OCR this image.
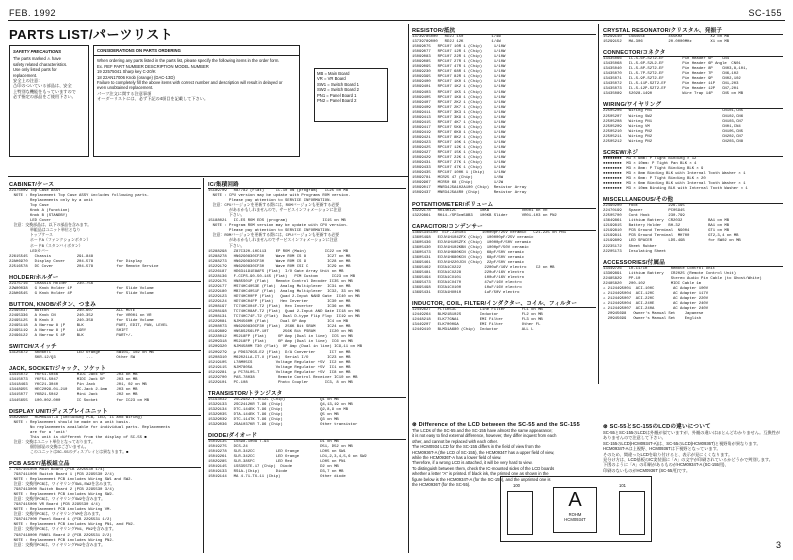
FEB. 1992	SC-155
3
PARTS LIST/パーツリスト
SAFETY PRECAUTIONS
The parts marked ⚠ have
safety related characteristics.
Use only listed parts for
replacement.
安全上の注意：
⚠印のついている部品は、安全
上特別な機能をもっていますので
必ず指定の部品をご使用下さい。
CONSIDERATIONS ON PARTS ORDERING
When ordering any parts listed in the parts list, please specify the following items in the order form.
Ex. REF PART NUMBER DESCRIPTION MODEL NUMBER
19 22575041 Sharp key C-20/K
18 22AN17006 Knob (orange) (DAC-13D)
Failure to completely fill the above items with correct number and description will result in delayed or
even unobtained replacement.
パーツ注文に関する注意事項
オーダーリストには、必ず下記の4項目を記載して下さい。
MB = Main Board
VR = VR Board
SW1 = Switch Board 1
SW2 = Switch Board 2
PN1 = Panel Board 1
PN2 = Panel Board 2
CABINET/ケース
22375009 Top Case ASSY
NOTE : Replacement Top Case ASSY includes following parts.
Replacements only by a unit
Top Case
Knob A (Function)
Knob B (STANDBY)
LED Cover
注意：交換部品は、以下の部品を含みます。
単組品はユニット単位となり
トップケース
ホードA（ファンクションボタン）
ホードB（スタンバイボタン）
LEDカバー
22615545   Chassis           291-848
22AH6970   Display Cover     204-578          for Display
22516578   DC Cover          204-578          for Remote Service
HOLDER/ホルダー
22375716   CHASSIS Holder    230-756
22W00038   G Knob Holder 1P                   for Slide Volume
22AH6545   G Knob Holder 4P                   for Slide Volume
BUTTON, KNOB/ボタン、つまみ
22495037   Button            240-607          ALL MUTE
22495336   A Knob CN         240-352          for VR001 on VR
22495125   B Knob X          240-358          for Slide Volume
22495118   A Narrow 8 (P     BLK              PART, EDIT, PAN, LEVEL
22495119   A Narrow 8 (P     LGRY             SHIFT
22496122   A Narrow 5 4P     BLK              PART+/-
SWITCH/スイッチ
13125672   SKR6RTC           LED Orange       SW101, 102 on MB
SKR-12/Q3             ...          Other SW
JACK, SOCKET/ジャック、ソケット
13415072   YKF51-5046        MIDI Jack 5P     J03 on MB
13415073   YKF51-5047        MIDI Jack 5P     J03 on MB
13418463   YKC21-3040        Pin Jack         J01, 02 on MB
13448955   HEC2099-01-210    DC-Jack 2.1mm    J03 on MB
13415077   YKB21-5042        Mini Jack        J02 on MB
13445655   100-002-000       IC Socket        for IC23 on MB
DISPLAY UNIT/ディスプレイユニット
15029650   HCM0934T-A (including PCB, LED, IC and Wiring)
NOTE : Replacement should be made on a unit basis.
No replacements available for individual parts. Replacements
are for a 'unit'
This unit is different from the display of SC-55 ■
注意：交換はユニット単位となっております。
個別部品の交換はございません。
このユニットはSC-55のディスプレイとは異なります。■
PCB ASSY/基板組立品
⚠ 7987401000 Main Board (PCB 2295530 1/4)
7987411000 Switch Board 1 (PCB 2295530 2/4)
NOTE : Replacement PCB includes Wiring SW1 and SW2.
注意：交換用PCBは、ワイヤリングSW1,SW2を含みます。
7987413000 Switch Board 2 (PCB 2295530 3/4)
NOTE : Replacement PCB includes Wiring SW2.
注意：交換用PCBは、ワイヤリングSW2を含みます。
7987415000 VR Board (PCB 2295530 4/4)
NOTE : Replacement PCB includes Wiring VM.
注意：交換用PCBは、ワイヤリングVMを含みます。
7987417000 Panel Board 1 (PCB 2295531 1/2)
NOTE : Replacement PCB includes Wiring PN1, and PN2.
注意：交換用PCBは、ワイヤリングPN1、PN2を含みます。
7987418000 PANEL Board 2 (PCB 2295531 2/2)
NOTE : Replacement PCB includes Wiring PN2.
注意：交換用PCBは、ワイヤリングPN2を含みます。
IC/集積回路
15189709   R8/782 (Flat)     IC-10 ON (program)   IC25 on MB
NOTE : CPU version may be update with Programs ROM version.
Please pay attention to SERVICE INFORMATION.
注意：CPUバージョンを更新する際には、ROMバージョンも更新する必要
があるかもしれませんので、サービスインフォメーションに注意
下さい。
15188021   IC-ES ROM EDS (program)               IC15 on MB
NOTE : Program ROM version may be update with CPU version.
Please pay attention to SERVICE INFORMATION.
注意：ROMバージョンを更新する際には、CPUバージョンも更新する必要
があるかもしれませんのでサービスインフォメーションに注意
下さい。
15288298   Z87C320-10C113    EP ROM (Main)        IC22 on MB
15288278   HN62G0830CF30     Wave ROM CS 8         IC27 on MB
15288273   HN62G0830CF30     Wave ROM CS 9         IC28 on MB
15229179   HN62G0830CF30     Wave ROM CSI C        IC29 on MB
15226187   HD631191E8AFS (Flat)  I/O Gate Array Unit on MB
15228136   F-CCPS-90-50-145 (Flat)   PCM Custom      IC23 on MB
15229175   HN85S01P (Flat)   Remote Control Decoder IC35 on MB
15229177   MS74HC4053E (Flat)  Analog Multiplexer  IC31 on MB
15229180   MB74HC4051F (Flat)  Analog Multiplexer  IC32, 33 on MB
15229123   HD74HC00FP (Flat)   Quad 2-Input NAND Gate  IC40 on MB
15229124   HD74HC04FP (Flat)   Hex Inverter        IC30 on MB
15208197   TC74HCU04F-T2 (Flat)  Hex Inverter      IC36 on MB
15208198   TC74HC08AF-T2 (Flat)  Quad 2-Input AND Gate IC18 on MB
15208131   TC74HC74F-T2 (Flat)  Dual D-type Flip Flop  IC19 on MB
15229081   NJM4560M (Flat)     Dual OP Amp         IC4 on MB
15208073   HN62G0830CF30 (Flat)  256K Bit SRAM     IC24 on MB
15199889   HN58S256LFP-10T      256K Bit PSRAM      IC20 on MB
15228012   M5218FP (Flat)     OP Amp (Dual in line)  IC5 on MB
15209318   M5218FP (Flat)     OP Amp (Dual in line)  IC6 on MB
15209320   NJM4580M T30 (Flat)  OP Amp (Dual in line) IC9,11 on MB
15209279   µ PD6376GS-E2 (Flat)  D/A Converter      IC7 on MB
15208310   M62021LA-IT-U (Flat)  Serial I/O        IC23 on MB
15219105   L78M05CS          Voltage Regulator +5V  IC2 on MB
15219115   NJM7805A          Voltage Regulator +5V  IC1 on MB
15219281   µ PC78L05-T       Voltage Regulator +5V  IC8 on MB
15229700   PAS-78038          Remote Control Receiver IC10 on MB
15229101   PC-108             Photo Coupler       IC3, 8 on MB
TRANSISTOR/トランジスタ
15193032   2SC2982-Y-TE12L (Chip)               Q1 on MB
15329133   2SC2412KR T-96 (Chip)                Q4,13,19 on MB
15329134   DTC-144EK T-96 (Chip)                Q2,8,9 on MB
15329035   DTA-144EK T-96 (Chip)                Q5 on MB
15329039   DTC-114TK T-96 (Chip)                Q3 on MB
15329036   2SA1037KR T-96 (Chip)                Other transistor
DIODE/ダイオード
15019135   1SS98-100A T-93                      D1 on MB
15019275   DCS-24                               D51, D52 on MB
15019278   SLR-342CC         LED Orange         LD05 on SW1
15019261   SLR-342CC         LED Orange         LD1,2,3,4,5,6 on SW2
15029285   SLR-385FC         LED Red            LD05 on PN1
15019145   1SS355TE-17 (Chip)  Diode            D2 on MB
15019133   RS1A-(Chip)       Diode              D3,7 on MB
15019144   MA 4.71-TX-11 (Chip)                 Other diode
RESISTOR/抵抗
13739785000   RD2J 150            1/4W
13739789000   RD2J 12K            1/4W
15099075   RPC107 10R 1 (Chip)     1/10W
15099077   RPC107 12R 1 (Chip)     1/10W
15099083   RPC107 22R 1 (Chip)     1/10W
15099085   RPC107 27R 1 (Chip)     1/10W
15099095   RPC107 47R 1 (Chip)     1/10W
15099230   RPC107 68R 1 (Chip)     1/10W
15099395   RPC107 82R 1 (Chip)     1/10W
15099400   RPC107 1K0 1 (Chip)     1/10W
15099401   RPC107 1K2 1 (Chip)     1/10W
15099403   RPC107 1K5 1 (Chip)     1/10W
15099405   RPC107 1K8 1 (Chip)     1/10W
15099407   RPC107 2K2 1 (Chip)     1/10W
15099409   RPC107 2K7 1 (Chip)     1/10W
15099411   RPC107 3K3 1 (Chip)     1/10W
15099413   RPC107 3K9 1 (Chip)     1/10W
15099415   RPC107 4K7 1 (Chip)     1/10W
15099417   RPC107 5K6 1 (Chip)     1/10W
15099419   RPC107 6K8 1 (Chip)     1/10W
15099421   RPC107 8K2 1 (Chip)     1/10W
15099423   RPC107 10K 1 (Chip)     1/10W
15099425   RPC107 12K 1 (Chip)     1/10W
15099427   RPC107 15K 1 (Chip)     1/10W
15099429   RPC107 22K 1 (Chip)     1/10W
15099431   RPC107 27K 1 (Chip)     1/10W
15099433   RPC107 47K 1 (Chip)     1/10W
15099435   RPC107 100K 1 (Chip)    1/10W
15099781   MCR25 47 (Chip)         1/8W
15099967   MCR50 68 (Chip)         1/2W
15099017   MNR34J5A102A100 (Chip)  Resistor Array
15099437   MNR34J5A4R0 (Chip)      Resistor Array
POTENTIOMETER/ボリューム
13229178   RK14K12C          10KB              VR001 on VR
13229861   RK14-/SP3cm58B3   100KB Slider      VR01-103 on PN2
CAPACITOR/コンデンサー
13695345100  ECF-JIR103       10000pF/25V ceramic   C21-225 on PN1
13605498   ECUV1H104ZFX (Chip)  100000pF/25V ceramic
13605436   ECUV1H105ZFX (Chip)  10000pF/50V ceramic
13605430   ECUV1H102KBN (Chip)  1000pF/50V ceramic
13605473   ECUV1H680KCN (Chip)  68pF/50V ceramic
13605431   ECUV1H680KCN (Chip)  68pF/50V ceramic
13695461   ECUV1H220JCN (Chip)  22pF/50V ceramic
13695462   ECEA1CU222          2200uF/16V electro    C2 on MB
13695481   ECEA1CU228          220uF/16V electro
13695494   ECEA1CU101          100uF/16V electro
13695473   ECEA1CU470          47uF/16V electro
13695498   ECEA1CU100          10uF/16V electro
13695431   ECEA1HU010          1uF/50V electro
INDUCTOR, COIL, FILTER/インダクター、コイル、フィルター
12449627   PLT1R53C          Line Filter       FL1 on MB
12449264   BLM21B102S        Inductor          FL2 on MB
12448218   ELK77GNA1         EMI Filter        FL3 on MB
13449207   ELK7000GA         EMI Filter        Other FL
12449410   BLM31A680 (Chip)  Inductor          ALL L
CRYSTAL RESONATOR/クリスタル、発振子
15299140   CSB455E          455KHz            X2 on MB
15299152   MA-306           20.0000MHz        X1 on MB
CONNECTOR/コネクタ
13435066   IL-S-6P-S2T2-EF        Pin Header 6P    CN4
13435068   IL-S-6P-S2L2-EF        Pin Header 6P Angle  CN01
13435040   IL-S-8P-S2T2-EF        Pin Header 8P    CN03,8,101,
13435070   IL-S-7P-S2T2-EF        Pin Header 7P    CN6,102
13435071   IL-S-9P-S2T2-EF        Pin Header 9P    CN02,102
13435072   IL-S-11P-S2T2-EF       Pin Header 11P   CN1,203
13435073   IL-S-12P-S2T2-EF       Pin Header 12P   CN7,201
13435089   52028-1490             Wire Trap 14P    CN5 on MB
WIRING/ワイヤリング
22505206   Wiring PN1                              CN101,CN5
22505207   Wiring SW2                              CN102,CN6
22505208   Wiring PN1                              CN103,CN7
22505209   Wiring VM                               CN01,CN4
22505210   Wiring PN2                              CN105,CN5
22505211   Wiring PN2                              CN202,CN7
22505212   Wiring PN2                              CN203,CN8
SCREW/ネジ
●●●●●●●●  M3 × 6mm: P Tight Binding × 12
●●●●●●●●  M3 × 10mm: P Tight Pan BLK × 4
●●●●●●●●  M3 × 8mm: P Tight Binding BLK × 9
●●●●●●●●  M3 × 8mm Binding BLK with Internal Tooth Washer × 1
●●●●●●●●  M3 × 6mm: P Tight Binding BLK × 20
●●●●●●●●  M3 × 6mm Binding BLK with Internal Tooth Washer × 1
●●●●●●●●  M3 × 10mm Binding BLK with Internal Tooth Washer × 1
MISCELLANEOUS/その他
22490200   Foot             226-195
22470199   Spacer           PC05945
22505700   Cont Hook        230-799
13649861   Lithium Battery  CR2032           BA1 on MB
12199815   Battery Holder   BH-32            BA1 on MB
12199810   PCB Ground Terminal  NG004        GT1 on MB
12199811   PCB Ground Terminal  MH700        GT2,3,4 on MB
12199809   LED SPACER       LDS-4GB          for SW02 on MB
22235172   Sheet Rubber
22205173   Insulating Sheet
ACCESSORIES/付属品
13449726   LR-11/IR          Remote Control Unit
13369891   Lithium Battery   CR2025 (Remote Control Unit)
22485829   PP-10             Stereo Audio Pin Cable (to Ghost/White)
22485820   200-102           MIDI Cable 1m
⚠ 2124495001  ACI-100C        AC Adapter 100V
⚠ 2124495004  ACI-120C        AC Adapter 117V
⚠ 2124495007  ACI-220C        AC Adapter 220V
⚠ 2124495004  ACI-240E        AC Adapter 240V
⚠ 2124495007  ACI-240A        AC Adapter 240V
20945698   Owner's Manual Set    Japanese
20945699   Owner's Manual Set    English
⊛ Difference of the LCD between the SC-55 and the SC-155
The LCDs of the SC-55 and the SC-155 have almost the same appearance;
it is not easy to find external difference, however, they differ inquest from each
other, and cannot be replaced with each other.
The HCM0934 LCD for the SC-155 differs in the field of view from the
HCM0936T-A (the LCD of SC-155), the HCM0934T has a upper field of view,
while the HCM0936T-A has a lower field of view.
Therefore, if a wrong LCD is attached, it will be very hard to view.
To distinguish between them, check the IC-mounted sides of the LCD boards
whether a letter "A" is printed. If black ink, the printed one as shown in the
figure below is the HCM0934T-A (for the SC-155), and the unprinted one is
the HCM0936T (for the SC-55).
⊛ SC-55とSC-155のLCDの違いについて
SC-55とSC-155のLCDは外観が似ていますが、外観の違いはほとんどわかりません。互換性がありませんので注意して下さい。
SC-155のLCD(HCM0934T-A)は、SC-55のLCD(HCM0936T)と視野角が異なります。
HCM0934T-Aは上視野、HCM0936Tは下視野となっています。
そのため、間違ったLCDを取り付けると、表示が見にくくなります。
見分け方は、LCD基板のIC実装面に「A」の文字が印刷されているかどうかで判別します。
下図のように「A」の印刷があるものがHCM0934T-A (SC-155用)、
印刷のないものがHCM0936T (SC-55用)です。
100	101
A
ROHM
HCM0934T
